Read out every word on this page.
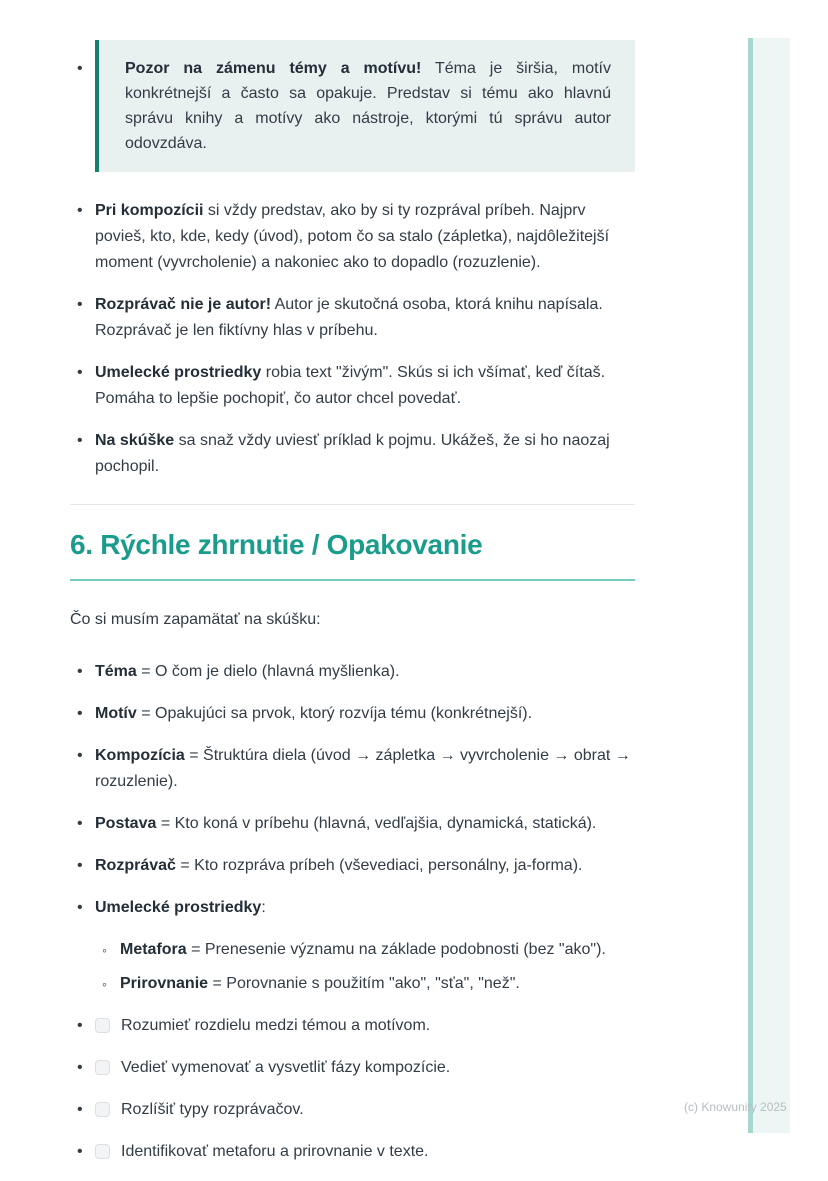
•	Pozor na zámenu témy a motívu! Téma je širšia, motív konkrétnejší a často sa opakuje. Predstav si tému ako hlavnú správu knihy a motívy ako nástroje, ktorými tú správu autor odovzdáva.

• Pri kompozícii si vždy predstav, ako by si ty rozprával príbeh. Najprv povieš, kto, kde, kedy (úvod), potom čo sa stalo (zápletka), najdôležitejší moment (vyvrcholenie) a nakoniec ako to dopadlo (rozuzlenie).

• Rozprávač nie je autor! Autor je skutočná osoba, ktorá knihu napísala. Rozprávač je len fiktívny hlas v príbehu.

• Umelecké prostriedky robia text "živým". Skús si ich všímať, keď čítaš. Pomáha to lepšie pochopiť, čo autor chcel povedať.

• Na skúške sa snaž vždy uviesť príklad k pojmu. Ukážeš, že si ho naozaj pochopil.

6. Rýchle zhrnutie / Opakovanie

Čo si musím zapamätať na skúšku:

• Téma = O čom je dielo (hlavná myšlienka).

• Motív = Opakujúci sa prvok, ktorý rozvíja tému (konkrétnejší).

• Kompozícia = Štruktúra diela (úvod → zápletka → vyvrcholenie → obrat → rozuzlenie).

• Postava = Kto koná v príbehu (hlavná, vedľajšia, dynamická, statická).

• Rozprávač = Kto rozpráva príbeh (vševediaci, personálny, ja-forma).

• Umelecké prostriedky:

◦ Metafora = Prenesenie významu na základe podobnosti (bez "ako").

◦ Prirovnanie = Porovnanie s použitím "ako", "sťa", "než".

•	Rozumieť rozdielu medzi témou a motívom.

•	Vedieť vymenovať a vysvetliť fázy kompozície.

•	Rozlíšiť typy rozprávačov.

•	Identifikovať metaforu a prirovnanie v texte.

(c) Knowunity 2025
